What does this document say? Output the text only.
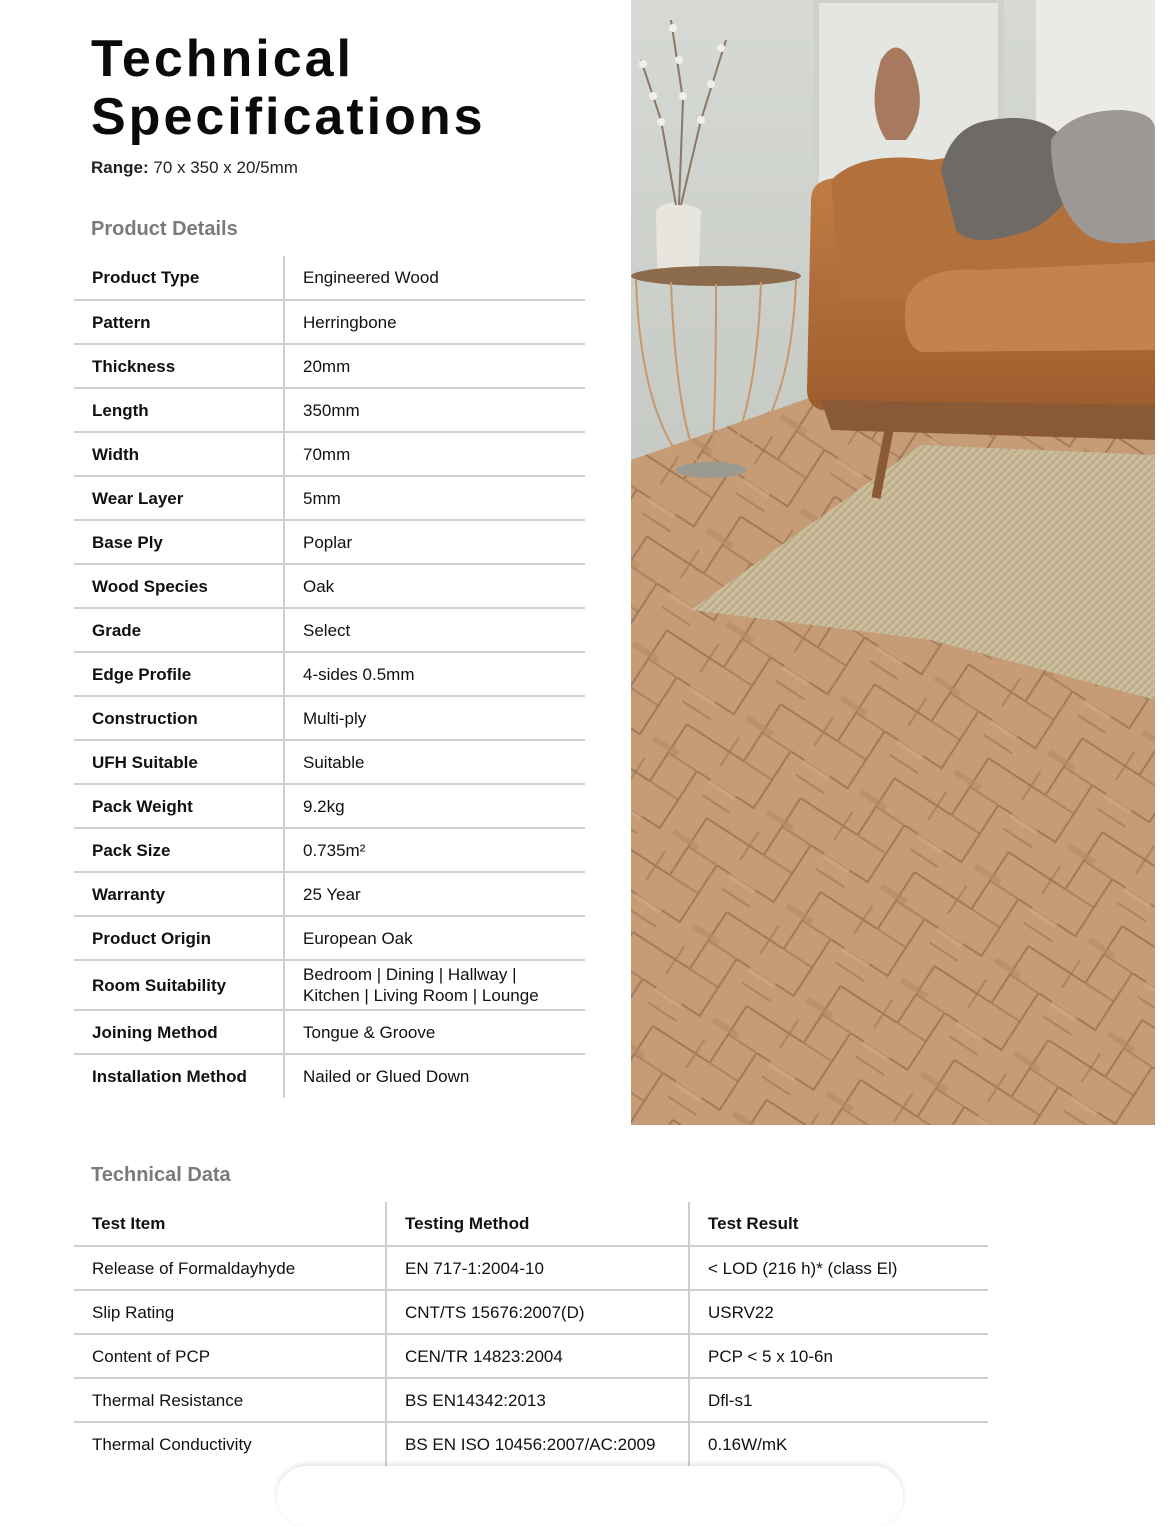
Technical
Specifications
Range: 70 x 350 x 20/5mm
Product Details
Product Type	Engineered Wood
Pattern	Herringbone
Thickness	20mm
Length	350mm
Width	70mm
Wear Layer	5mm
Base Ply	Poplar
Wood Species	Oak
Grade	Select
Edge Profile	4-sides 0.5mm
Construction	Multi-ply
UFH Suitable	Suitable
Pack Weight	9.2kg
Pack Size	0.735m²
Warranty	25 Year
Product Origin	European Oak
Room Suitability	Bedroom | Dining | Hallway |
Kitchen | Living Room | Lounge
Joining Method	Tongue & Groove
Installation Method	Nailed or Glued Down
Technical Data
Test Item	Testing Method	Test Result
Release of Formaldayhyde	EN 717-1:2004-10	< LOD (216 h)* (class El)
Slip Rating	CNT/TS 15676:2007(D)	USRV22
Content of PCP	CEN/TR 14823:2004	PCP < 5 x 10-6n
Thermal Resistance	BS EN14342:2013	Dfl-s1
Thermal Conductivity	BS EN ISO 10456:2007/AC:2009	0.16W/mK
